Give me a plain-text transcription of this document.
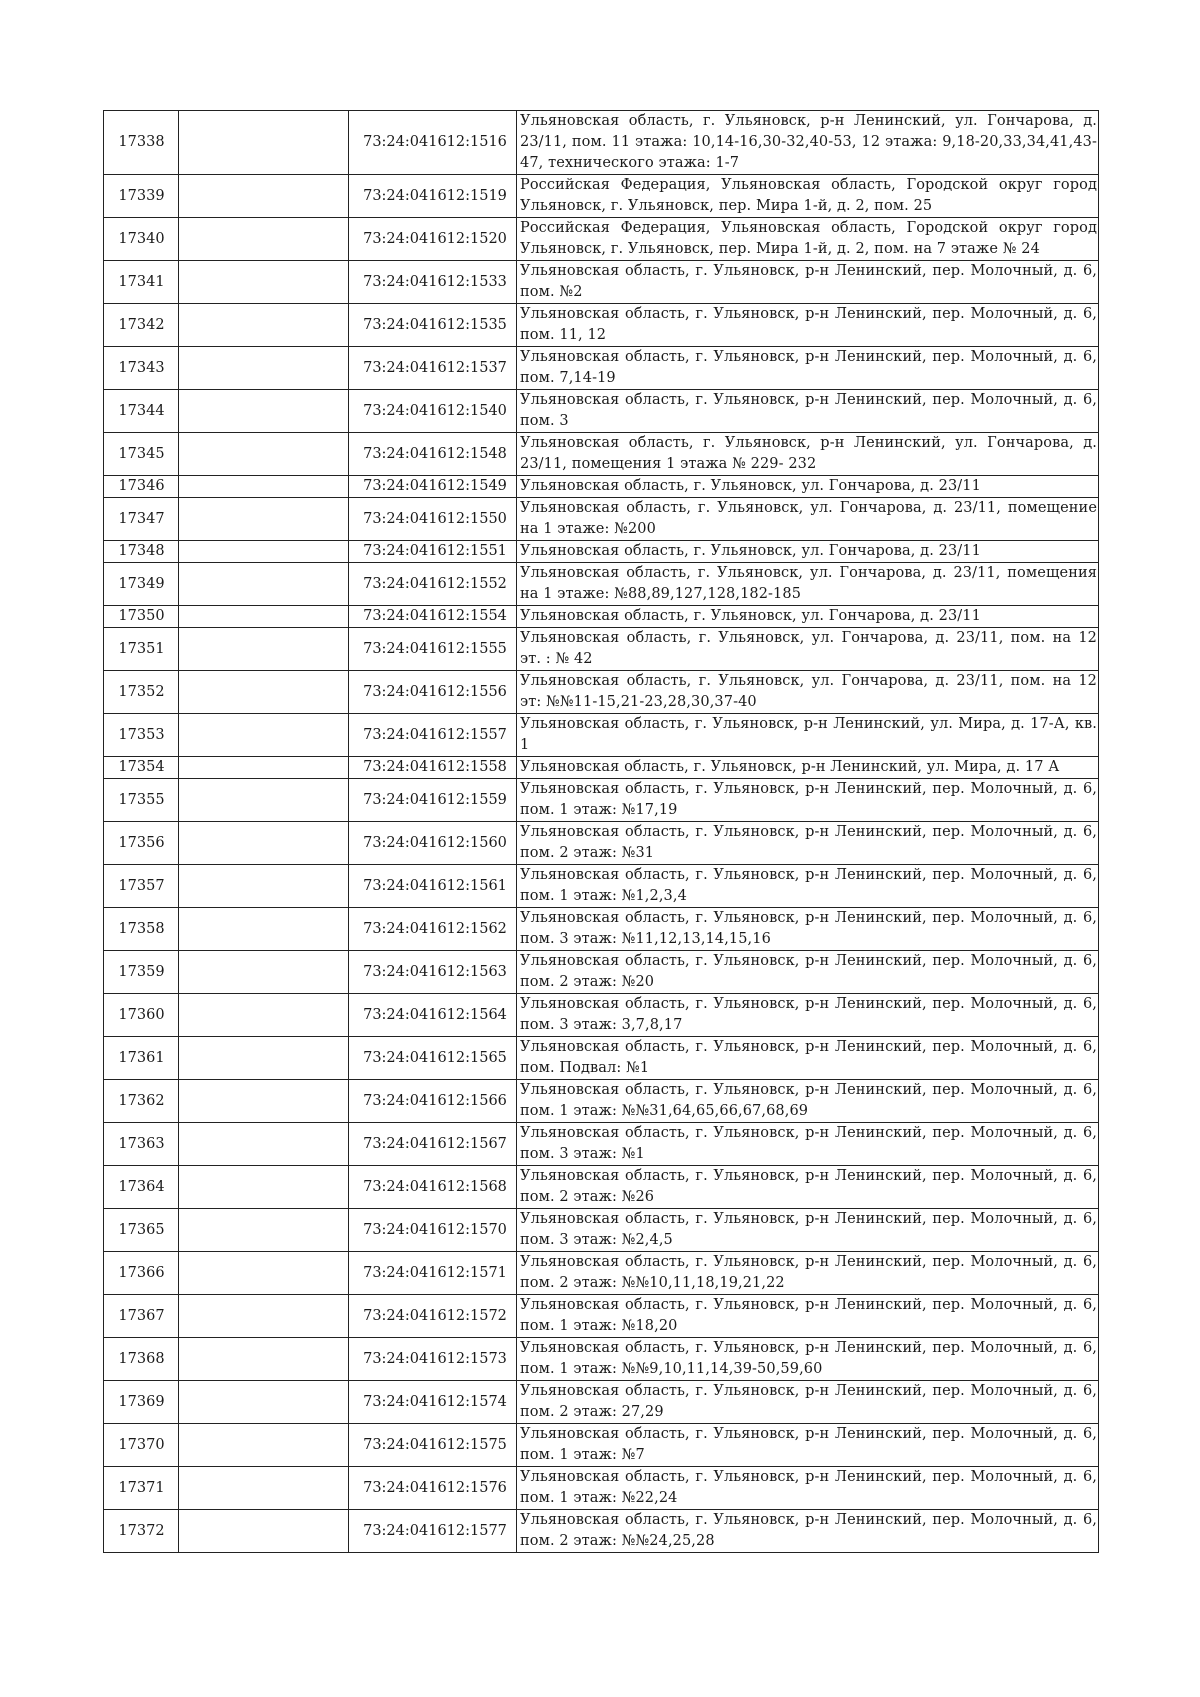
17338		73:24:041612:1516	Ульяновская область, г. Ульяновск, р-н Ленинский, ул. Гончарова, д. 23/11, пом. 11 этажа: 10,14-16,30-32,40-53, 12 этажа: 9,18-20,33,34,41,43-47, технического этажа: 1-7
17339		73:24:041612:1519	Российская Федерация, Ульяновская область, Городской округ город Ульяновск, г. Ульяновск, пер. Мира 1-й, д. 2, пом. 25
17340		73:24:041612:1520	Российская Федерация, Ульяновская область, Городской округ город Ульяновск, г. Ульяновск, пер. Мира 1-й, д. 2, пом. на 7 этаже № 24
17341		73:24:041612:1533	Ульяновская область, г. Ульяновск, р-н Ленинский, пер. Молочный, д. 6, пом. №2
17342		73:24:041612:1535	Ульяновская область, г. Ульяновск, р-н Ленинский, пер. Молочный, д. 6, пом. 11, 12
17343		73:24:041612:1537	Ульяновская область, г. Ульяновск, р-н Ленинский, пер. Молочный, д. 6, пом. 7,14-19
17344		73:24:041612:1540	Ульяновская область, г. Ульяновск, р-н Ленинский, пер. Молочный, д. 6, пом. 3
17345		73:24:041612:1548	Ульяновская область, г. Ульяновск, р-н Ленинский, ул. Гончарова, д. 23/11, помещения 1 этажа № 229- 232
17346		73:24:041612:1549	Ульяновская область, г. Ульяновск, ул. Гончарова, д. 23/11
17347		73:24:041612:1550	Ульяновская область, г. Ульяновск, ул. Гончарова, д. 23/11, помещение на 1 этаже: №200
17348		73:24:041612:1551	Ульяновская область, г. Ульяновск, ул. Гончарова, д. 23/11
17349		73:24:041612:1552	Ульяновская область, г. Ульяновск, ул. Гончарова, д. 23/11, помещения на 1 этаже: №88,89,127,128,182-185
17350		73:24:041612:1554	Ульяновская область, г. Ульяновск, ул. Гончарова, д. 23/11
17351		73:24:041612:1555	Ульяновская область, г. Ульяновск, ул. Гончарова, д. 23/11, пом. на 12 эт. : № 42
17352		73:24:041612:1556	Ульяновская область, г. Ульяновск, ул. Гончарова, д. 23/11, пом. на 12 эт: №№11-15,21-23,28,30,37-40
17353		73:24:041612:1557	Ульяновская область, г. Ульяновск, р-н Ленинский, ул. Мира, д. 17-А, кв. 1
17354		73:24:041612:1558	Ульяновская область, г. Ульяновск, р-н Ленинский, ул. Мира, д. 17 А
17355		73:24:041612:1559	Ульяновская область, г. Ульяновск, р-н Ленинский, пер. Молочный, д. 6, пом. 1 этаж: №17,19
17356		73:24:041612:1560	Ульяновская область, г. Ульяновск, р-н Ленинский, пер. Молочный, д. 6, пом. 2 этаж: №31
17357		73:24:041612:1561	Ульяновская область, г. Ульяновск, р-н Ленинский, пер. Молочный, д. 6, пом. 1 этаж: №1,2,3,4
17358		73:24:041612:1562	Ульяновская область, г. Ульяновск, р-н Ленинский, пер. Молочный, д. 6, пом. 3 этаж: №11,12,13,14,15,16
17359		73:24:041612:1563	Ульяновская область, г. Ульяновск, р-н Ленинский, пер. Молочный, д. 6, пом. 2 этаж: №20
17360		73:24:041612:1564	Ульяновская область, г. Ульяновск, р-н Ленинский, пер. Молочный, д. 6, пом. 3 этаж: 3,7,8,17
17361		73:24:041612:1565	Ульяновская область, г. Ульяновск, р-н Ленинский, пер. Молочный, д. 6, пом. Подвал: №1
17362		73:24:041612:1566	Ульяновская область, г. Ульяновск, р-н Ленинский, пер. Молочный, д. 6, пом. 1 этаж: №№31,64,65,66,67,68,69
17363		73:24:041612:1567	Ульяновская область, г. Ульяновск, р-н Ленинский, пер. Молочный, д. 6, пом. 3 этаж: №1
17364		73:24:041612:1568	Ульяновская область, г. Ульяновск, р-н Ленинский, пер. Молочный, д. 6, пом. 2 этаж: №26
17365		73:24:041612:1570	Ульяновская область, г. Ульяновск, р-н Ленинский, пер. Молочный, д. 6, пом. 3 этаж: №2,4,5
17366		73:24:041612:1571	Ульяновская область, г. Ульяновск, р-н Ленинский, пер. Молочный, д. 6, пом. 2 этаж: №№10,11,18,19,21,22
17367		73:24:041612:1572	Ульяновская область, г. Ульяновск, р-н Ленинский, пер. Молочный, д. 6, пом. 1 этаж: №18,20
17368		73:24:041612:1573	Ульяновская область, г. Ульяновск, р-н Ленинский, пер. Молочный, д. 6, пом. 1 этаж: №№9,10,11,14,39-50,59,60
17369		73:24:041612:1574	Ульяновская область, г. Ульяновск, р-н Ленинский, пер. Молочный, д. 6, пом. 2 этаж: 27,29
17370		73:24:041612:1575	Ульяновская область, г. Ульяновск, р-н Ленинский, пер. Молочный, д. 6, пом. 1 этаж: №7
17371		73:24:041612:1576	Ульяновская область, г. Ульяновск, р-н Ленинский, пер. Молочный, д. 6, пом. 1 этаж: №22,24
17372		73:24:041612:1577	Ульяновская область, г. Ульяновск, р-н Ленинский, пер. Молочный, д. 6, пом. 2 этаж: №№24,25,28
